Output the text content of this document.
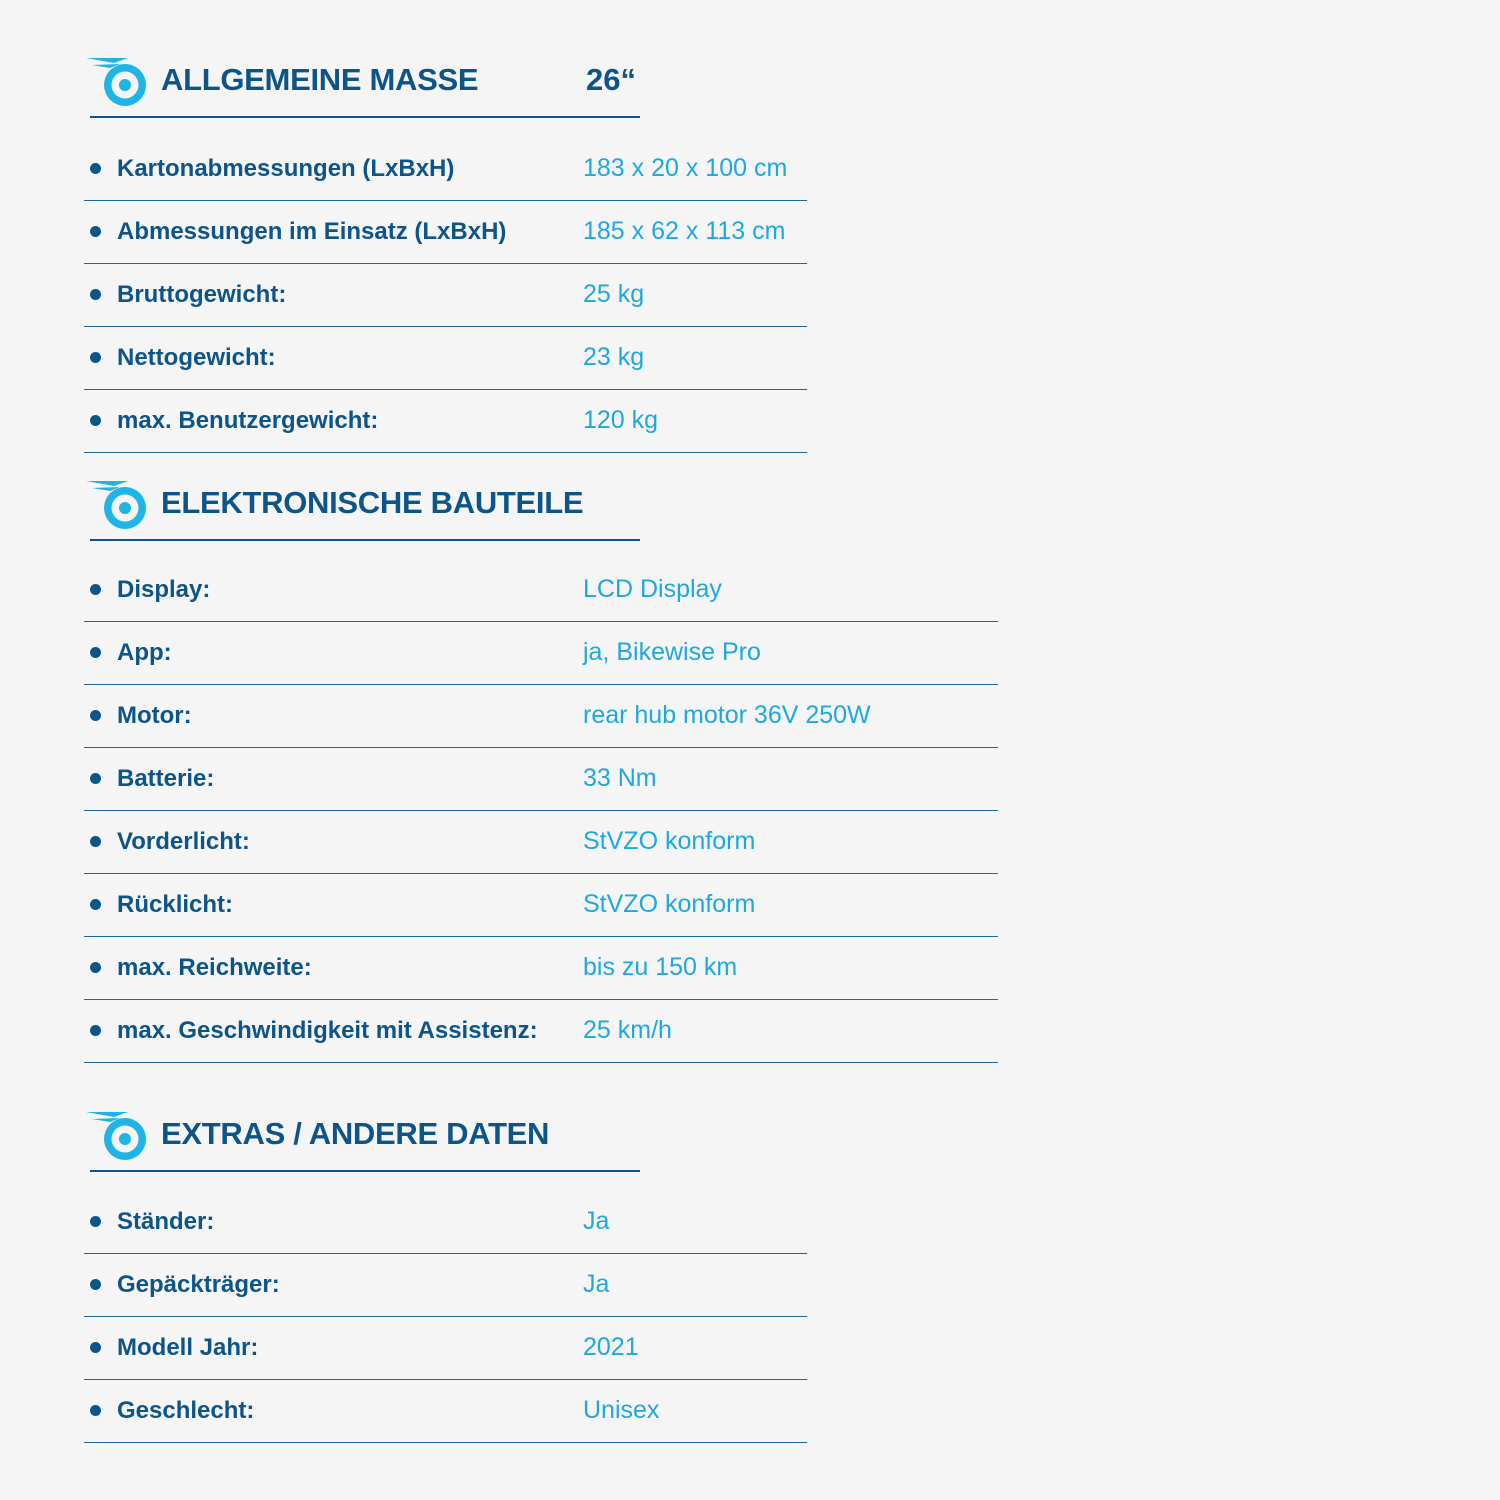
ALLGEMEINE MASSE	26“
Kartonabmessungen (LxBxH)	183 x 20 x 100 cm
Abmessungen im Einsatz (LxBxH)	185 x 62 x 113 cm
Bruttogewicht:	25 kg
Nettogewicht:	23 kg
max. Benutzergewicht:	120 kg
ELEKTRONISCHE BAUTEILE
Display:	LCD Display
App:	ja, Bikewise Pro
Motor:	rear hub motor 36V 250W
Batterie:	33 Nm
Vorderlicht:	StVZO konform
Rücklicht:	StVZO konform
max. Reichweite:	bis zu 150 km
max. Geschwindigkeit mit Assistenz: 25 km/h
EXTRAS / ANDERE DATEN
Ständer:	Ja
Gepäckträger:	Ja
Modell Jahr:	2021
Geschlecht:	Unisex
